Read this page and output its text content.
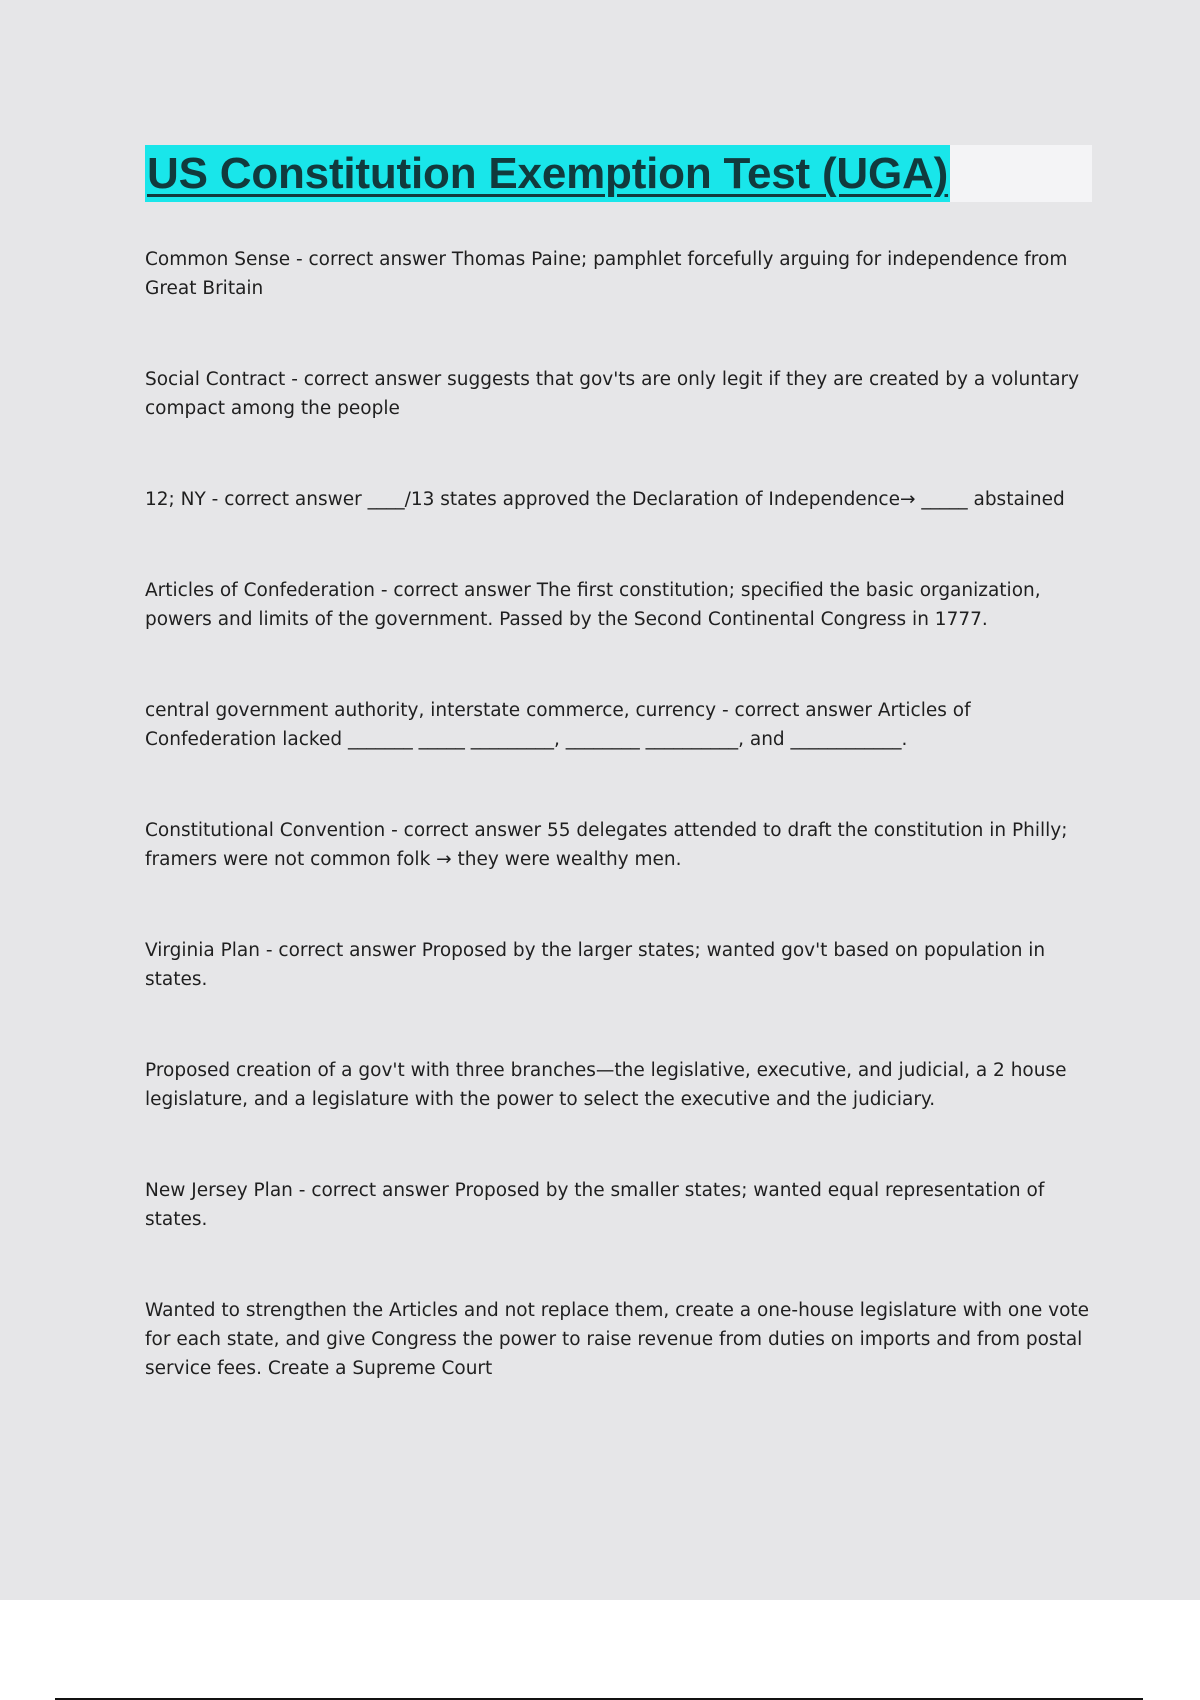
US Constitution Exemption Test (UGA)

Common Sense - correct answer Thomas Paine; pamphlet forcefully arguing for independence from Great Britain

Social Contract - correct answer suggests that gov'ts are only legit if they are created by a voluntary compact among the people

12; NY - correct answer ____/13 states approved the Declaration of Independence→ _____ abstained

Articles of Confederation - correct answer The first constitution; specified the basic organization, powers and limits of the government. Passed by the Second Continental Congress in 1777.

central government authority, interstate commerce, currency - correct answer Articles of Confederation lacked _______ _____ _________, ________ __________, and ____________.

Constitutional Convention - correct answer 55 delegates attended to draft the constitution in Philly; framers were not common folk → they were wealthy men.

Virginia Plan - correct answer Proposed by the larger states; wanted gov't based on population in states.

Proposed creation of a gov't with three branches—the legislative, executive, and judicial, a 2 house legislature, and a legislature with the power to select the executive and the judiciary.

New Jersey Plan - correct answer Proposed by the smaller states; wanted equal representation of states.

Wanted to strengthen the Articles and not replace them, create a one-house legislature with one vote for each state, and give Congress the power to raise revenue from duties on imports and from postal service fees. Create a Supreme Court
